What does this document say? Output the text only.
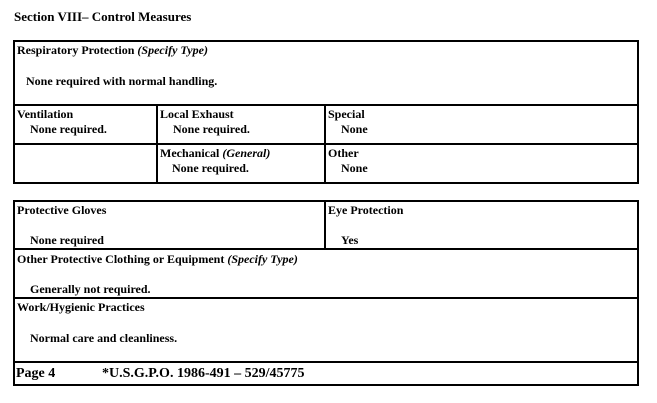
Section VIII– Control Measures
Respiratory Protection (Specify Type)
None required with normal handling.
Ventilation
None required.
Local Exhaust
None required.
Special
None
Mechanical (General)
None required.
Other
None
Protective Gloves
None required
Eye Protection
Yes
Other Protective Clothing or Equipment (Specify Type)
Generally not required.
Work/Hygienic Practices
Normal care and cleanliness.
Page 4	*U.S.G.P.O. 1986-491 – 529/45775
